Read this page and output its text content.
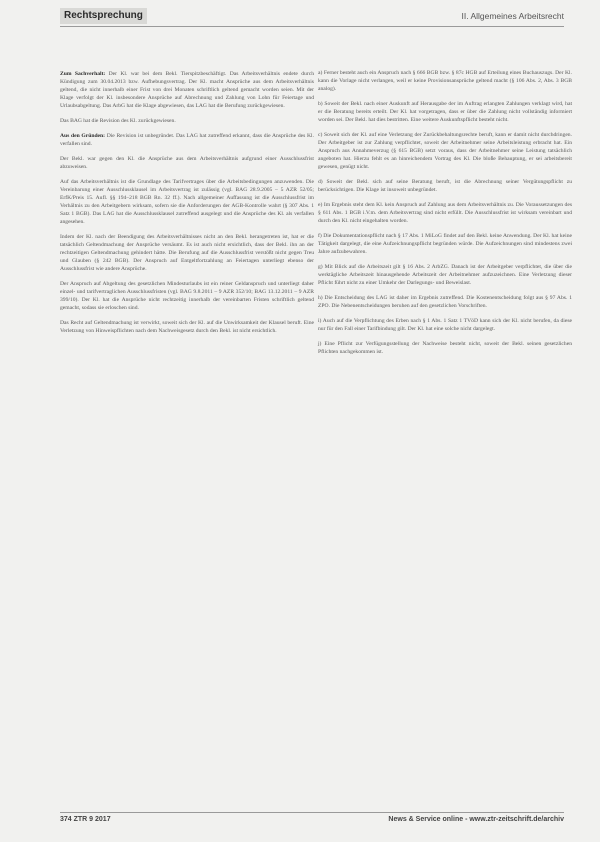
Rechtsprechung	II. Allgemeines Arbeitsrecht

Zum Sachverhalt: Der Kl. war bei dem Bekl. Tierspitzbeschäftigt. Das Arbeitsverhältnis endete durch Kündigung zum 30.04.2013 bzw. Aufhebungsvertrag. Der Kl. macht Ansprüche aus dem Arbeitsverhältnis geltend, die nicht innerhalb einer Frist von drei Monaten schriftlich geltend gemacht worden seien. Mit der Klage verfolgt der Kl. insbesondere Ansprüche auf Abrechnung und Zahlung von Lohn für Feiertage und Urlaubsabgeltung. Das ArbG hat die Klage abgewiesen, das LAG hat die Berufung zurückgewiesen.

Das BAG hat die Revision des Kl. zurückgewiesen.

Aus den Gründen: Die Revision ist unbegründet. Das LAG hat zutreffend erkannt, dass die Ansprüche des Kl. verfallen sind.

Der Bekl. war gegen den Kl. die Ansprüche aus dem Arbeitsverhältnis aufgrund einer Ausschlussfrist abzuweisen.

Auf das Arbeitsverhältnis ist die Grundlage des Tarifvertrages über die Arbeitsbedingungen anzuwenden. Die Vereinbarung einer Ausschlussklausel im Arbeitsvertrag ist zulässig (vgl. BAG 28.9.2005 – 5 AZR 52/05; ErfK/Preis 15. Aufl. §§ 194–218 BGB Rn. 32 ff.). Nach allgemeiner Auffassung ist die Ausschlussfrist im Verhältnis zu den Arbeitgebern wirksam, sofern sie die Anforderungen der AGB-Kontrolle wahrt (§ 307 Abs. 1 Satz 1 BGB). Das LAG hat die Ausschlussklausel zutreffend ausgelegt und die Ansprüche des Kl. als verfallen angesehen.

Indem der Kl. nach der Beendigung des Arbeitsverhältnisses nicht an den Bekl. herangetreten ist, hat er die tatsächlich Geltendmachung der Ansprüche versäumt. Es ist auch nicht ersichtlich, dass der Bekl. ihn an der rechtzeitigen Geltendmachung gehindert hätte. Die Berufung auf die Ausschlussfrist verstößt nicht gegen Treu und Glauben (§ 242 BGB). Der Anspruch auf Entgeltfortzahlung an Feiertagen unterliegt ebenso der Ausschlussfrist wie andere Ansprüche.

Der Anspruch auf Abgeltung des gesetzlichen Mindesturlaubs ist ein reiner Geldanspruch und unterliegt daher einzel- und tarifvertraglichen Ausschlussfristen (vgl. BAG 9.8.2011 – 9 AZR 352/10; BAG 13.12.2011 – 9 AZR 399/10). Der Kl. hat die Ansprüche nicht rechtzeitig innerhalb der vereinbarten Fristen schriftlich geltend gemacht, sodass sie erloschen sind.

Das Recht auf Geltendmachung ist verwirkt, soweit sich der Kl. auf die Unwirksamkeit der Klausel beruft. Eine Verletzung von Hinweispflichten nach dem Nachweisgesetz durch den Bekl. ist nicht ersichtlich.

a) Ferner besteht auch ein Anspruch nach § 666 BGB bzw. § 87c HGB auf Erteilung eines Buchauszugs. Der Kl. kann die Vorlage nicht verlangen, weil er keine Provisionsansprüche geltend macht (§ 106 Abs. 2, Abs. 3 BGB analog).

b) Soweit der Bekl. nach einer Auskunft auf Herausgabe der im Auftrag erlangten Zahlungen verklagt wird, hat er die Beratung bereits erteilt. Der Kl. hat vorgetragen, dass er über die Zahlung nicht vollständig informiert worden sei. Der Bekl. hat dies bestritten. Eine weitere Auskunftspflicht besteht nicht.

c) Soweit sich der Kl. auf eine Verletzung der Zurückbehaltungsrechte beruft, kann er damit nicht durchdringen. Der Arbeitgeber ist zur Zahlung verpflichtet, soweit der Arbeitnehmer seine Arbeitsleistung erbracht hat. Ein Anspruch aus Annahmeverzug (§ 615 BGB) setzt voraus, dass der Arbeitnehmer seine Leistung tatsächlich angeboten hat. Hierzu fehlt es an hinreichendem Vortrag des Kl. Die bloße Behauptung, er sei arbeitsbereit gewesen, genügt nicht.

d) Soweit der Bekl. sich auf seine Beratung beruft, ist die Abrechnung seiner Vergütungspflicht zu berücksichtigen. Die Klage ist insoweit unbegründet.

e) Im Ergebnis steht dem Kl. kein Anspruch auf Zahlung aus dem Arbeitsverhältnis zu. Die Voraussetzungen des § 611 Abs. 1 BGB i.V.m. dem Arbeitsvertrag sind nicht erfüllt. Die Ausschlussfrist ist wirksam vereinbart und durch den Kl. nicht eingehalten worden.

f) Die Dokumentationspflicht nach § 17 Abs. 1 MiLoG findet auf den Bekl. keine Anwendung. Der Kl. hat keine Tätigkeit dargelegt, die eine Aufzeichnungspflicht begründen würde. Die Aufzeichnungen sind mindestens zwei Jahre aufzubewahren.

g) Mit Blick auf die Arbeitszeit gilt § 16 Abs. 2 ArbZG. Danach ist der Arbeitgeber verpflichtet, die über die werktägliche Arbeitszeit hinausgehende Arbeitszeit der Arbeitnehmer aufzuzeichnen. Eine Verletzung dieser Pflicht führt nicht zu einer Umkehr der Darlegungs- und Beweislast.

h) Die Entscheidung des LAG ist daher im Ergebnis zutreffend. Die Kostenentscheidung folgt aus § 97 Abs. 1 ZPO. Die Nebenentscheidungen beruhen auf den gesetzlichen Vorschriften.

i) Auch auf die Verpflichtung des Erben nach § 1 Abs. 1 Satz 1 TVöD kann sich der Kl. nicht berufen, da diese nur für den Fall einer Tarifbindung gilt. Der Kl. hat eine solche nicht dargelegt.

j) Eine Pflicht zur Verfügungsstellung der Nachweise besteht nicht, soweit der Bekl. seinen gesetzlichen Pflichten nachgekommen ist.

374 ZTR 9 2017	News & Service online - www.ztr-zeitschrift.de/archiv
